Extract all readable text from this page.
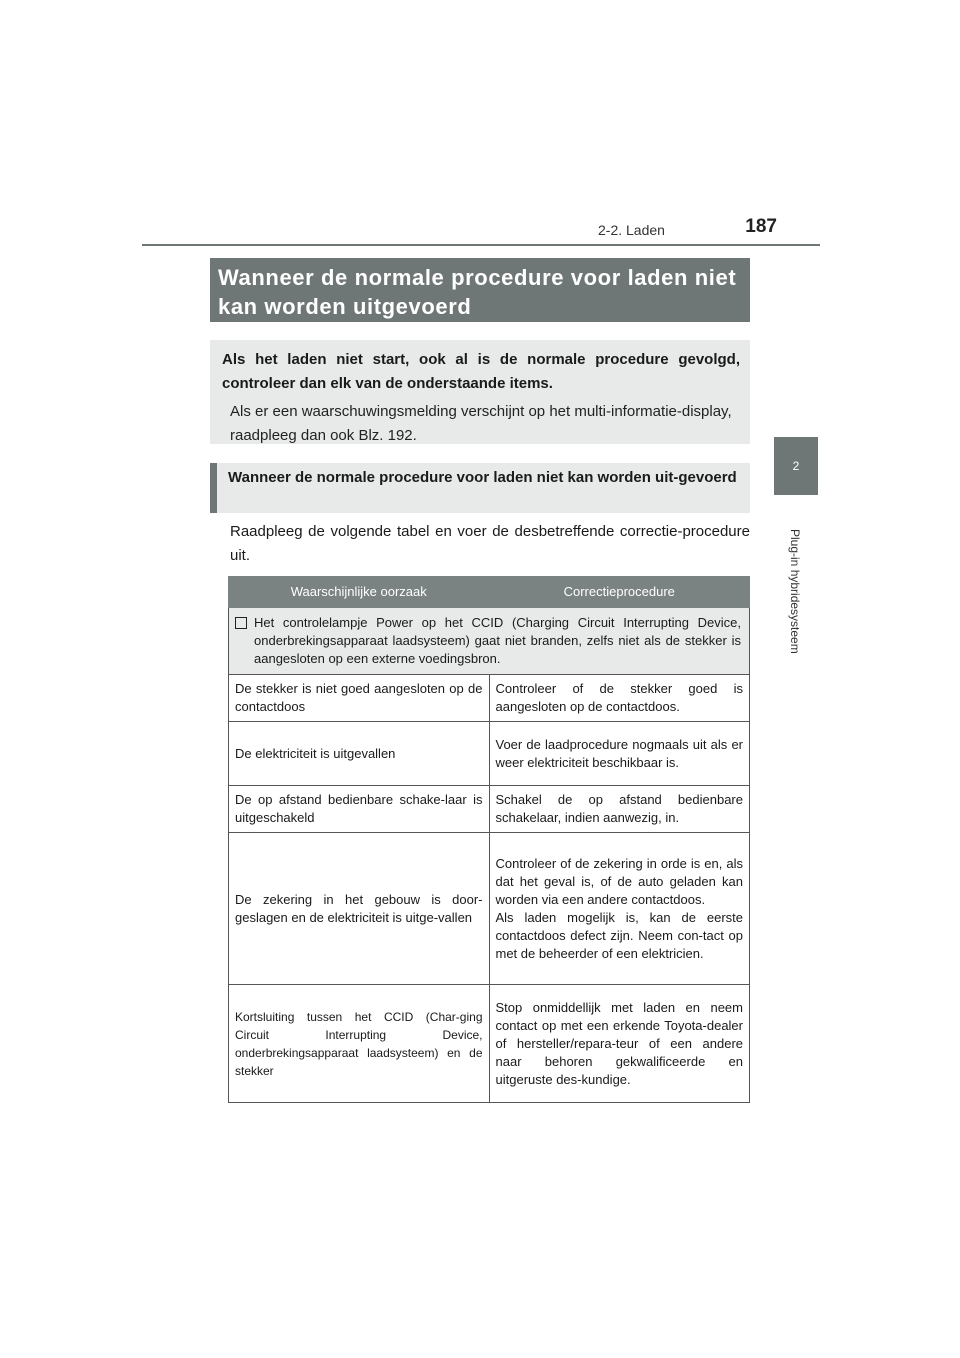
187
2-2. Laden
2
Plug-in hybridesysteem
Wanneer de normale procedure voor laden niet kan worden uitgevoerd

Als het laden niet start, ook al is de normale procedure gevolgd, controleer dan elk van de onderstaande items.

Als er een waarschuwingsmelding verschijnt op het multi-informatie-display, raadpleeg dan ook Blz. 192.

Wanneer de normale procedure voor laden niet kan worden uit-gevoerd

Raadpleeg de volgende tabel en voer de desbetreffende correctie-procedure uit.

Waarschijnlijke oorzaak	Correctieprocedure

Het controlelampje Power op het CCID (Charging Circuit Interrupting Device, onderbrekingsapparaat laadsysteem) gaat niet branden, zelfs niet als de stekker is aangesloten op een externe voedingsbron.	

De stekker is niet goed aangesloten op de contactdoos	Controleer of de stekker goed is aangesloten op de contactdoos.
De elektriciteit is uitgevallen	Voer de laadprocedure nogmaals uit als er weer elektriciteit beschikbaar is.
De op afstand bedienbare schake-laar is uitgeschakeld	Schakel de op afstand bedienbare schakelaar, indien aanwezig, in.
De zekering in het gebouw is door-geslagen en de elektriciteit is uitge-vallen	Controleer of de zekering in orde is en, als dat het geval is, of de auto geladen kan worden via een andere contactdoos.
Als laden mogelijk is, kan de eerste contactdoos defect zijn. Neem con-tact op met de beheerder of een elektricien.

Kortsluiting tussen het CCID (Char-ging Circuit Interrupting Device, onderbrekingsapparaat laadsysteem) en de stekker	Stop onmiddellijk met laden en neem contact op met een erkende Toyota-dealer of hersteller/repara-teur of een andere naar behoren gekwalificeerde en uitgeruste des-kundige.
